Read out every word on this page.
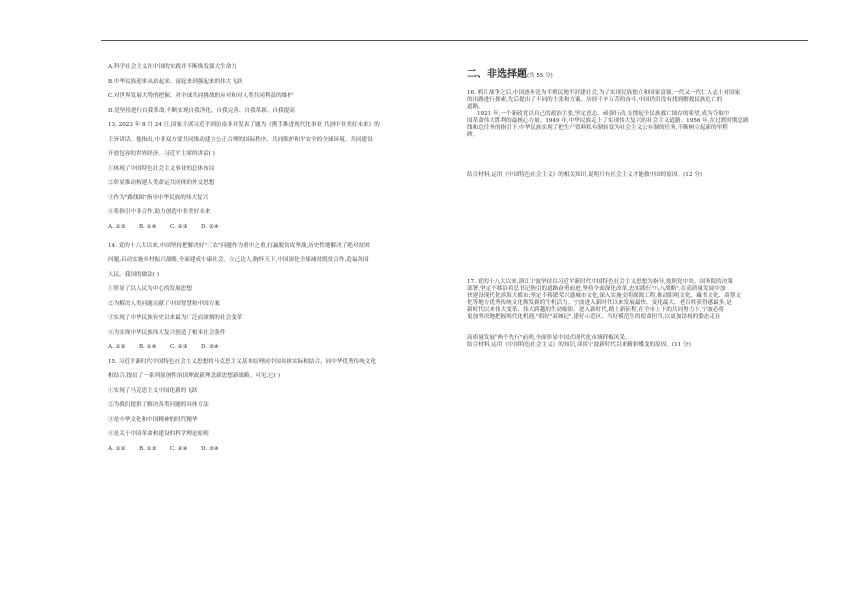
A.科学社会主义在中国的实践并不断焕发强大生命力

B.中华民族迎来从站起来、富起来到强起来的伟大飞跃

C.对世界发展大势的把握、对全球共同挑战的应对和对人类共同利益的维护

D.党坚持进行自我革命,不断实现自我净化、自我完善、自我革新、自我提高

13. 2023 年 8 月 24 日,国家主席习近平到访南非并发表了题为《携手推进现代化事业 共创中非美好未来》的

主旨讲话。他指出,中非双方要共同推动建立公正合理的国际秩序、共同维护和平安全的全球环境、共同建设

开放包容的世界经济。习近平主席的讲话( )

①体现了中国特色社会主义事业的总体布局

②彰显推动构建人类命运共同体的外交思想

③作为"路线图"指导中华民族的伟大复兴

④将指引中非合作,助力创造中非美好未来

A. ①③	B. ①④	C. ②③	D. ②④

14. 党的十八大以来,中国坚持把解决好"三农"问题作为重中之重,打赢脱贫攻坚战,历史性地解决了绝对贫困

问题,启动实施乡村振兴战略,全面建成小康社会。立己达人,胸怀天下,中国深化全球减贫脱贫合作,造福各国

人民。我国的做法( )

①彰显了以人民为中心的发展思想

②为解决人类问题贡献了中国智慧和中国方案

③实现了中华民族有史以来最为广泛而深刻的社会变革

④为实现中华民族伟大复兴创造了根本社会条件

A. ①②	B. ①④	C. ②③	D. ③④

15. 习近平新时代中国特色社会主义思想将马克思主义基本原理同中国具体实际相结合、同中华优秀传统文化

相结合,提出了一系列原创性治国理政新理念新思想新战略。可见,它( )

①实现了马克思主义中国化新的飞跃

②为我们提供了解决各类问题的具体方法

③是中华文化和中国精神的时代精华

④是关于中国革命和建设的科学理论原则

A. ①②	B. ①③	C. ②④	D. ③④

二、非选择题(共 55 分)

16. 鸦片战争之后,中国逐步沦为半殖民地半封建社会,为了实现民族独立和国家富强,一代又一代仁人志士对国家

的出路进行探索,先后提出了不同的主张和方案。历经千辛万苦的奋斗,中国仍旧没有找到解救民族危亡的

道路。

1921 年,一个新政党以自己的政治主张,坚定意志、顽强行动,支撑起全民族救亡图存的希望,成为夺取中

国革命伟大胜利的最核心力量。1949 年,中华民族走上了实现伟大复兴的社会主义道路。1956 年,在过渡时期总路

线和总任务的指引下,中华民族实现了把生产资料私有制转变为社会主义公有制的任务,不断树立起新的里程

碑。

结合材料,运用《中国特色社会主义》的相关知识,说明只有社会主义才能救中国的原因。(12 分)

17. 党的十八大以来,浙江宁波坚持以习近平新时代中国特色社会主义思想为指导,按照党中央、国务院的决策

部署,坚定不移沿着总书记指引的道路奋勇前进,坚持全面深化改革,忠实践行"八八战略",在高质量发展中加

快建设现代化滨海大都市;坚定不移繁荣兴盛城市文化,深入实施文明探源工程,推动阳明文化、藏书文化、商帮文

化等地方优秀传统文化焕发新的生机活力。宁波进入新时代以来发展最快、变化最大、老百姓获得感最多,是

新时代以来伟大变革、伟大跨越的生动缩影。进入新时代,踏上新征程,在全市上下的共同努力下,宁波必将

更加坚决地把握现代化机遇,"唱好"双城记",建好示范区、当好模范生的使命担当,以更加昂扬的姿态走在

高质量发展"两个先行"前列,全面彰显中国式现代化市域样板风采。

结合材料,运用《中国特色社会主义》的知识,谈谈宁波新时代以来精彩蝶变的原因。(11 分)
